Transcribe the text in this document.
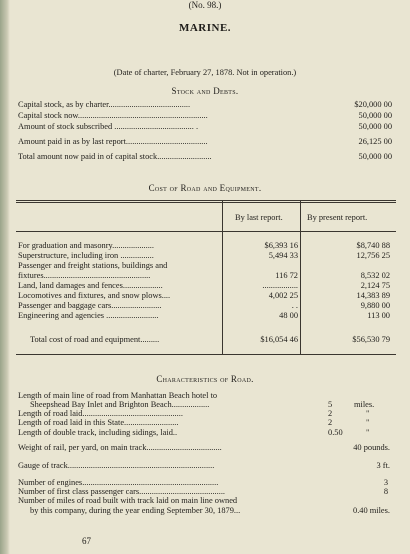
(No. 98.)
MARINE.
(Date of charter, February 27, 1878. Not in operation.)
Stock and Debts.
Capital stock, as by charter.......................................	$20,000 00
Capital stock now..............................................................	50,000 00
Amount of stock subscribed ...................................... .	50,000 00
Amount paid in as by last report.......................................	26,125 00
Total amount now paid in of capital stock..........................	50,000 00
Cost of Road and Equipment.
By last report.	By present report.
For graduation and masonry....................	$6,393 16	$8,740 88
Superstructure, including iron ................	5,494 33	12,756 25
Passenger and freight stations, buildings and
fixtures...................................................	116 72	8,532 02
Land, land damages and fences...................	.................	2,124 75
Locomotives and fixtures, and snow plows....	4,002 25	14,383 89
Passenger and baggage cars........................	. .	9,880 00
Engineering and agencies .........................	48 00	113 00
Total cost of road and equipment.........	$16,054 46	$56,530 79
Characteristics of Road.
Length of main line of road from Manhattan Beach hotel to
Sheepshead Bay Inlet and Brighton Beach..................	5	miles.
Length of road laid................................................	2	"
Length of road laid in this State..........................	2	"
Length of double track, including sidings, laid..	0.50	"
Weight of rail, per yard, on main track....................................	40 pounds.
Gauge of track......................................................................	3 ft.
Number of engines.................................................................	3
Number of first class passenger cars.........................................	8
Number of miles of road built with track laid on main line owned
by this company, during the year ending September 30, 1879...	0.40 miles.
67
